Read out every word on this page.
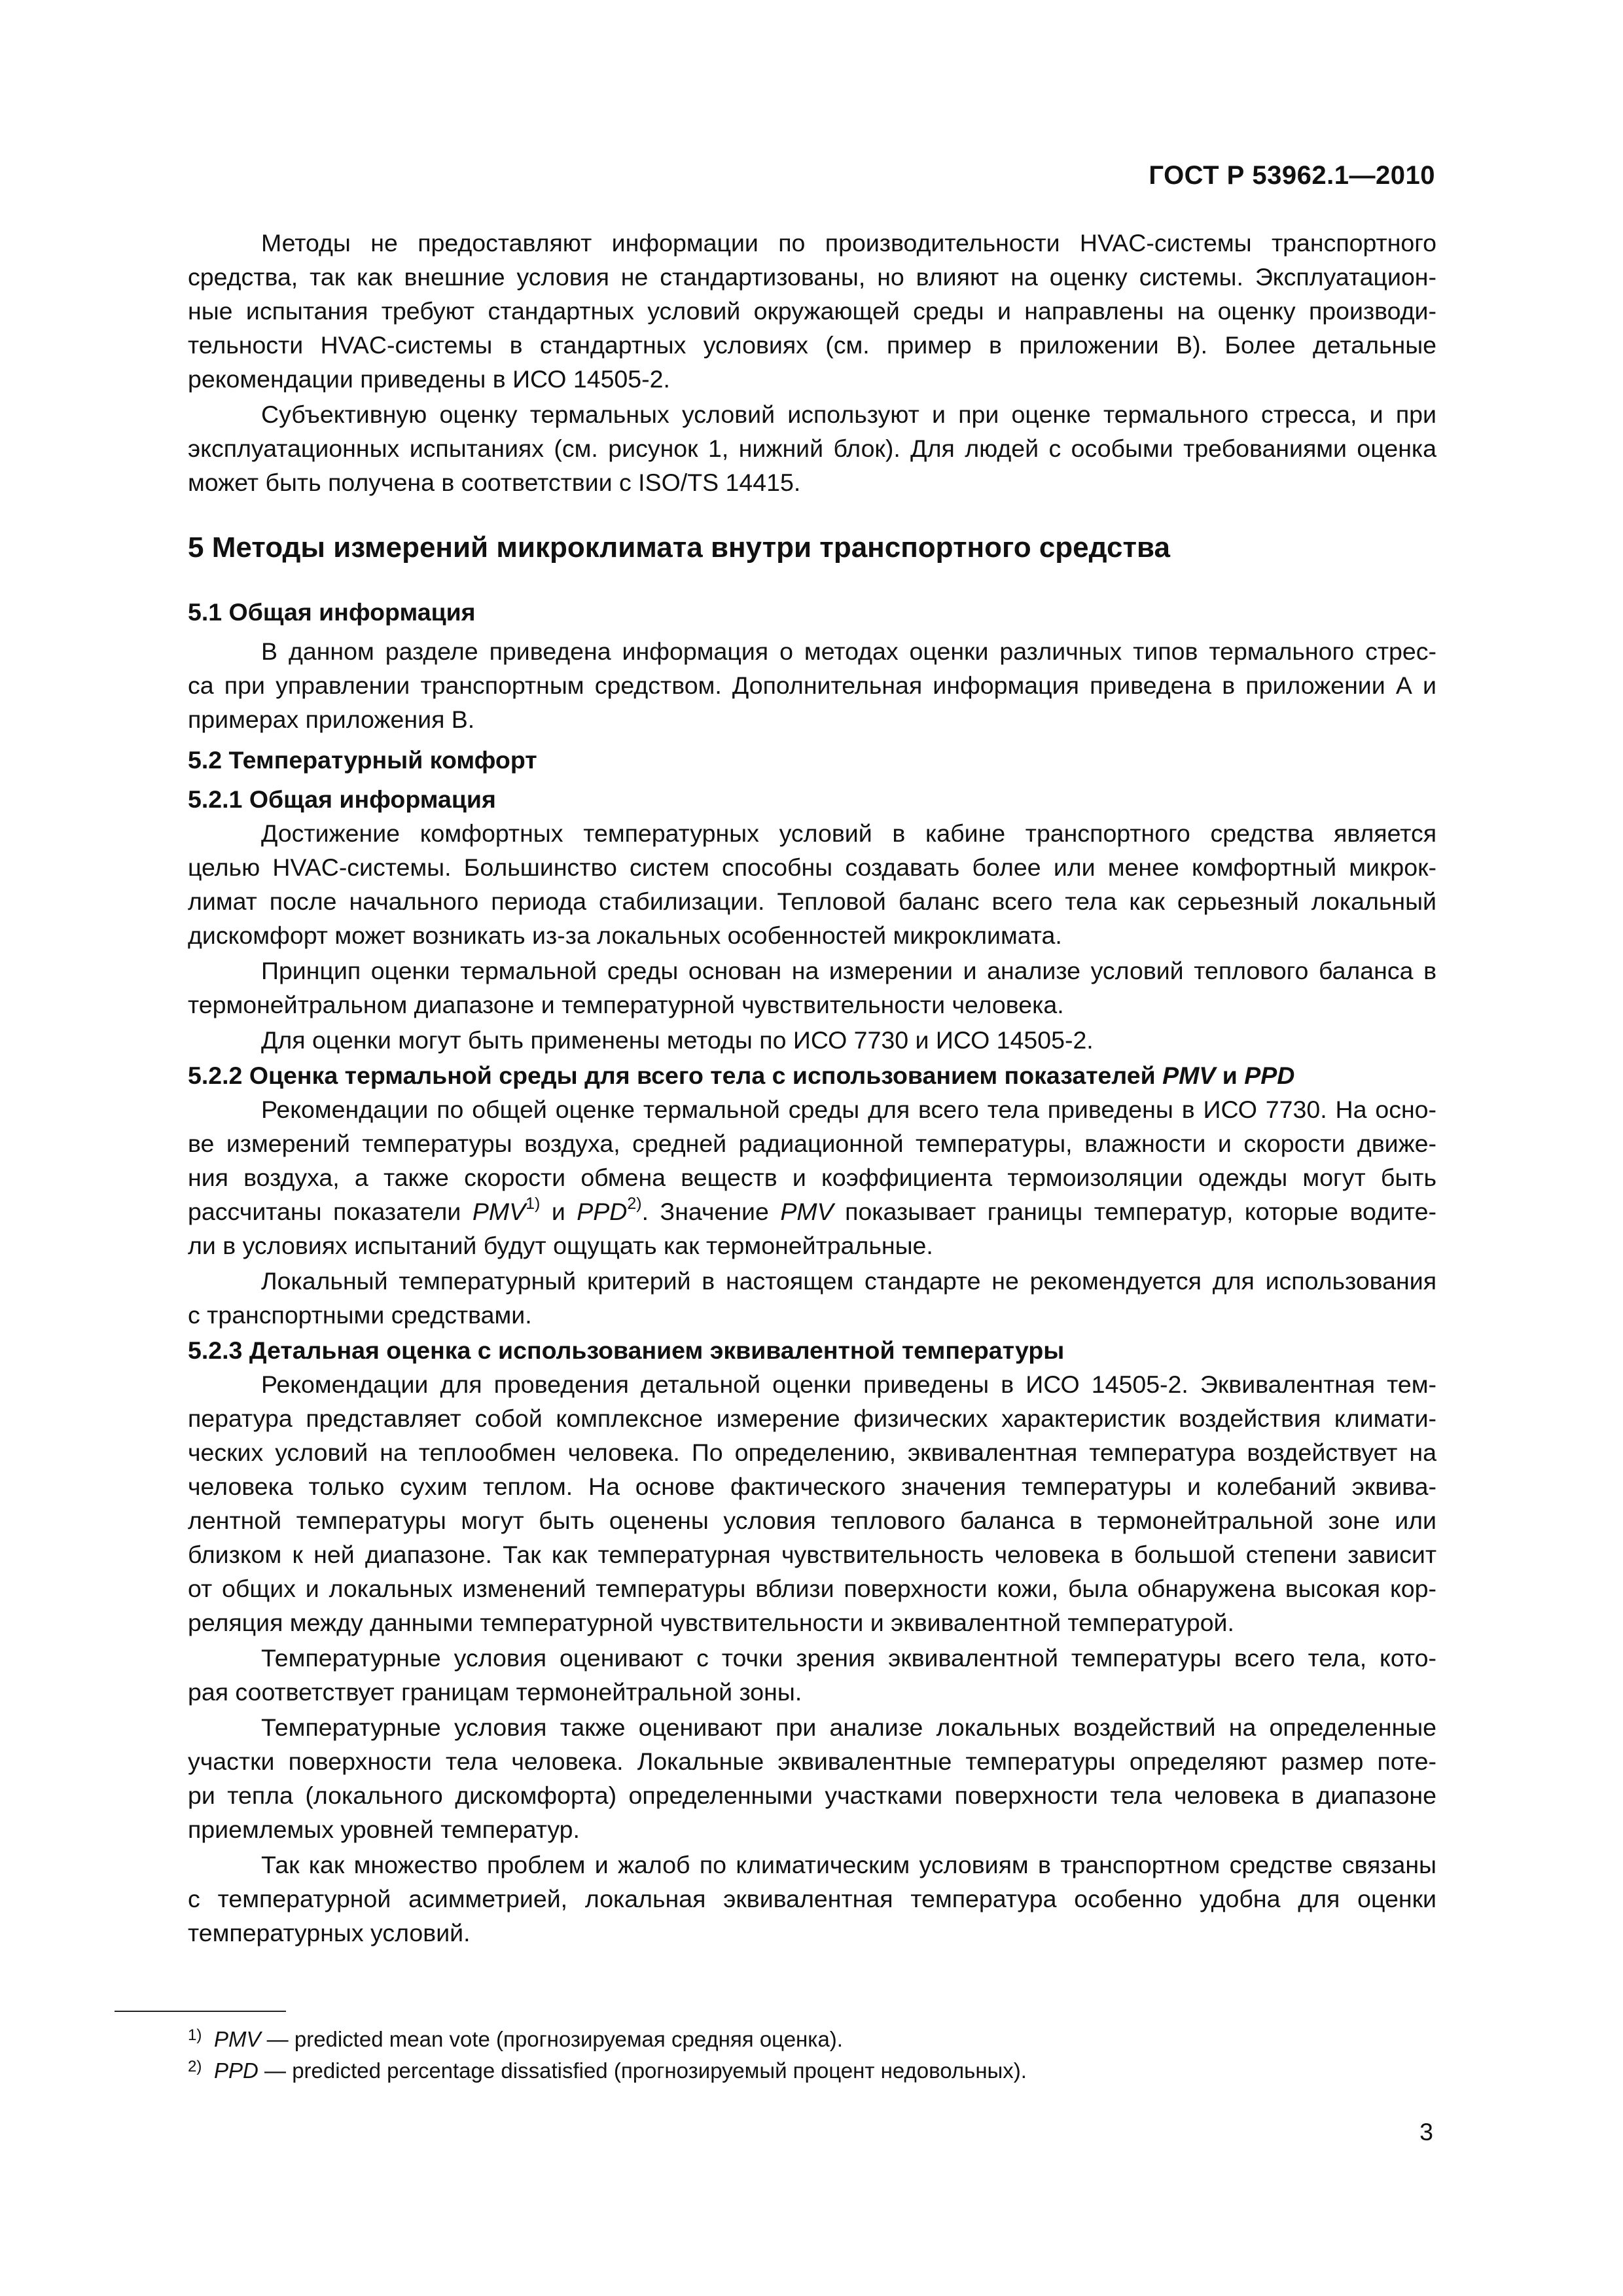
ГОСТ Р 53962.1—2010
Методы не предоставляют информации по производительности HVAC-системы транспортного
средства, так как внешние условия не стандартизованы, но влияют на оценку системы. Эксплуатацион-
ные испытания требуют стандартных условий окружающей среды и направлены на оценку производи-
тельности HVAC-системы в стандартных условиях (см. пример в приложении В). Более детальные
рекомендации приведены в ИСО 14505-2.
Субъективную оценку термальных условий используют и при оценке термального стресса, и при
эксплуатационных испытаниях (см. рисунок 1, нижний блок). Для людей с особыми требованиями оценка
может быть получена в соответствии с ISO/TS 14415.
5 Методы измерений микроклимата внутри транспортного средства
5.1 Общая информация
В данном разделе приведена информация о методах оценки различных типов термального стрес-
са при управлении транспортным средством. Дополнительная информация приведена в приложении А и
примерах приложения В.
5.2 Температурный комфорт
5.2.1 Общая информация
Достижение комфортных температурных условий в кабине транспортного средства является
целью HVAC-системы. Большинство систем способны создавать более или менее комфортный микрок-
лимат после начального периода стабилизации. Тепловой баланс всего тела как серьезный локальный
дискомфорт может возникать из-за локальных особенностей микроклимата.
Принцип оценки термальной среды основан на измерении и анализе условий теплового баланса в
термонейтральном диапазоне и температурной чувствительности человека.
Для оценки могут быть применены методы по ИСО 7730 и ИСО 14505-2.
5.2.2 Оценка термальной среды для всего тела с использованием показателей PMV и PPD
Рекомендации по общей оценке термальной среды для всего тела приведены в ИСО 7730. На осно-
ве измерений температуры воздуха, средней радиационной температуры, влажности и скорости движе-
ния воздуха, а также скорости обмена веществ и коэффициента термоизоляции одежды могут быть
рассчитаны показатели PMV$^{1)}$ и PPD$^{2)}$. Значение PMV показывает границы температур, которые водите-
ли в условиях испытаний будут ощущать как термонейтральные.
Локальный температурный критерий в настоящем стандарте не рекомендуется для использования
с транспортными средствами.
5.2.3 Детальная оценка с использованием эквивалентной температуры
Рекомендации для проведения детальной оценки приведены в ИСО 14505-2. Эквивалентная тем-
пература представляет собой комплексное измерение физических характеристик воздействия климати-
ческих условий на теплообмен человека. По определению, эквивалентная температура воздействует на
человека только сухим теплом. На основе фактического значения температуры и колебаний эквива-
лентной температуры могут быть оценены условия теплового баланса в термонейтральной зоне или
близком к ней диапазоне. Так как температурная чувствительность человека в большой степени зависит
от общих и локальных изменений температуры вблизи поверхности кожи, была обнаружена высокая кор-
реляция между данными температурной чувствительности и эквивалентной температурой.
Температурные условия оценивают с точки зрения эквивалентной температуры всего тела, кото-
рая соответствует границам термонейтральной зоны.
Температурные условия также оценивают при анализе локальных воздействий на определенные
участки поверхности тела человека. Локальные эквивалентные температуры определяют размер поте-
ри тепла (локального дискомфорта) определенными участками поверхности тела человека в диапазоне
приемлемых уровней температур.
Так как множество проблем и жалоб по климатическим условиям в транспортном средстве связаны
с температурной асимметрией, локальная эквивалентная температура особенно удобна для оценки
температурных условий.
$^{1)}$ PMV — predicted mean vote (прогнозируемая средняя оценка).
$^{2)}$ PPD — predicted percentage dissatisfied (прогнозируемый процент недовольных).
3
